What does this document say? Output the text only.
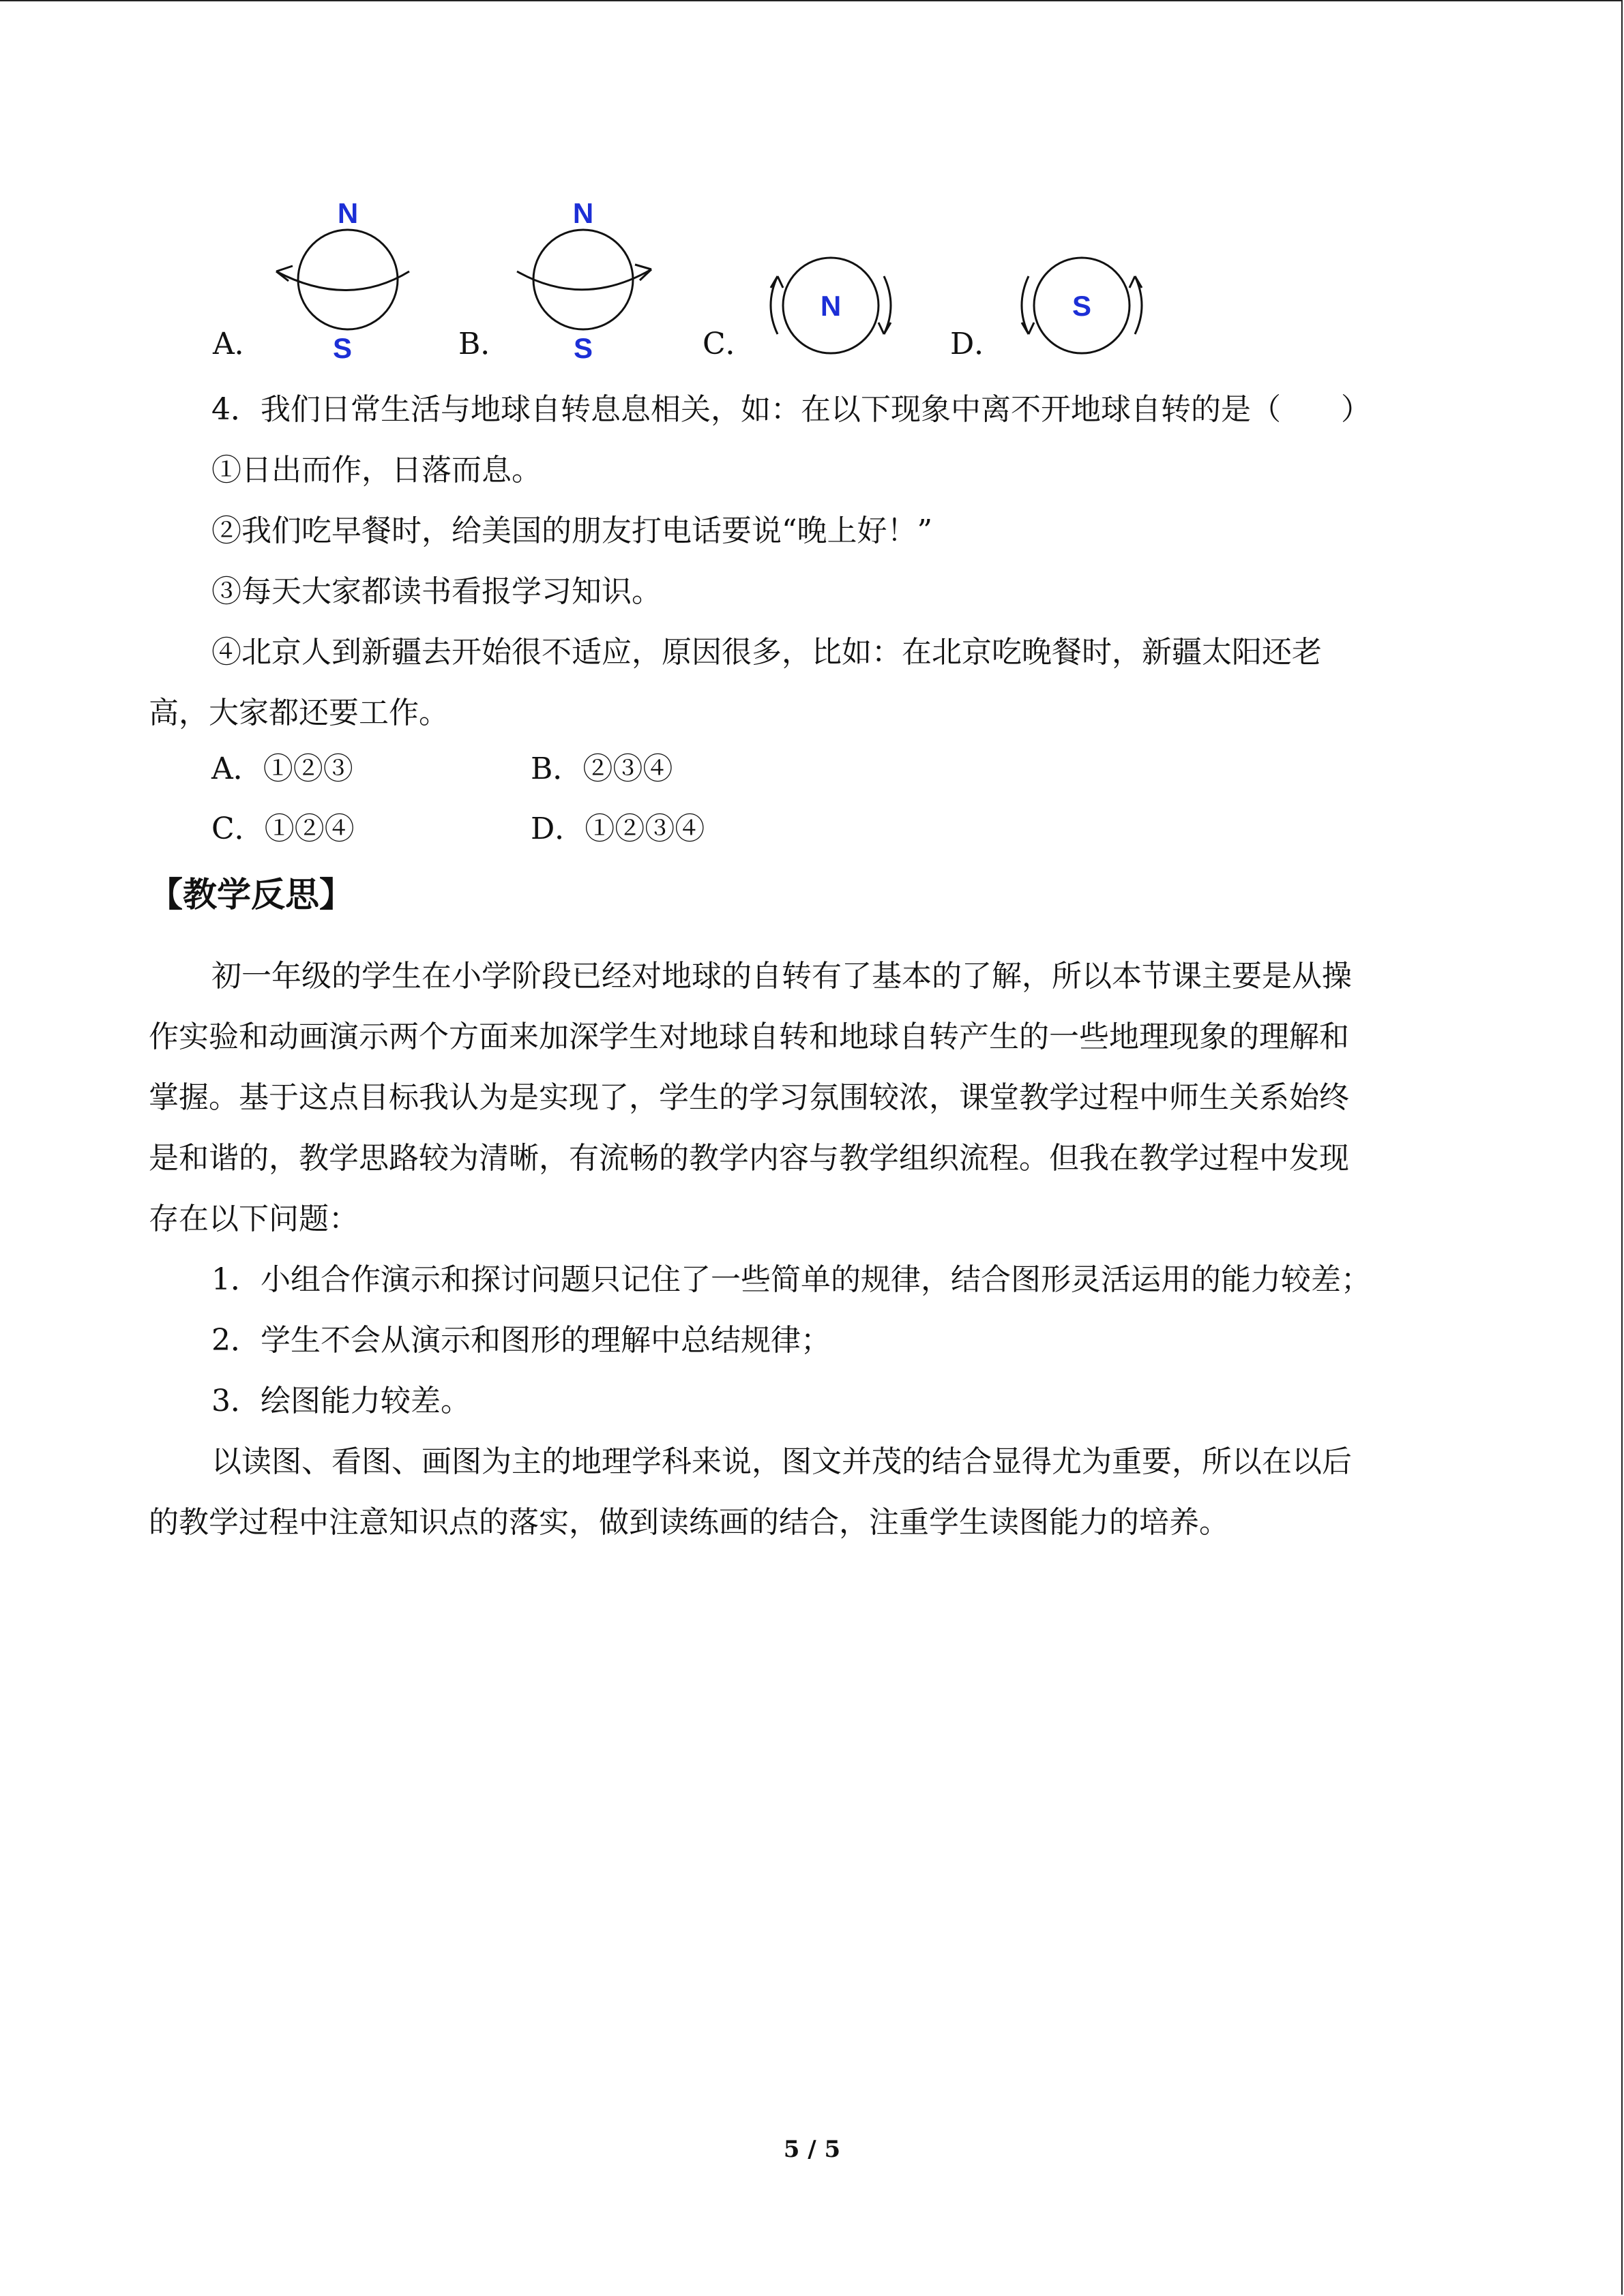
A．	B．	C．	D．
N
S
N
S
N	S
4．我们日常生活与地球自转息息相关，如：在以下现象中离不开地球自转的是（　　）
①日出而作，日落而息。
②我们吃早餐时，给美国的朋友打电话要说“晚上好！”
③每天大家都读书看报学习知识。
④北京人到新疆去开始很不适应，原因很多，比如：在北京吃晚餐时，新疆太阳还老
高，大家都还要工作。
A．①②③	B．②③④
C．①②④	D．①②③④
【教学反思】
初一年级的学生在小学阶段已经对地球的自转有了基本的了解，所以本节课主要是从操
作实验和动画演示两个方面来加深学生对地球自转和地球自转产生的一些地理现象的理解和
掌握。基于这点目标我认为是实现了，学生的学习氛围较浓，课堂教学过程中师生关系始终
是和谐的，教学思路较为清晰，有流畅的教学内容与教学组织流程。但我在教学过程中发现
存在以下问题：
1．小组合作演示和探讨问题只记住了一些简单的规律，结合图形灵活运用的能力较差；
2．学生不会从演示和图形的理解中总结规律；
3．绘图能力较差。
以读图、看图、画图为主的地理学科来说，图文并茂的结合显得尤为重要，所以在以后
的教学过程中注意知识点的落实，做到读练画的结合，注重学生读图能力的培养。
5 / 5
